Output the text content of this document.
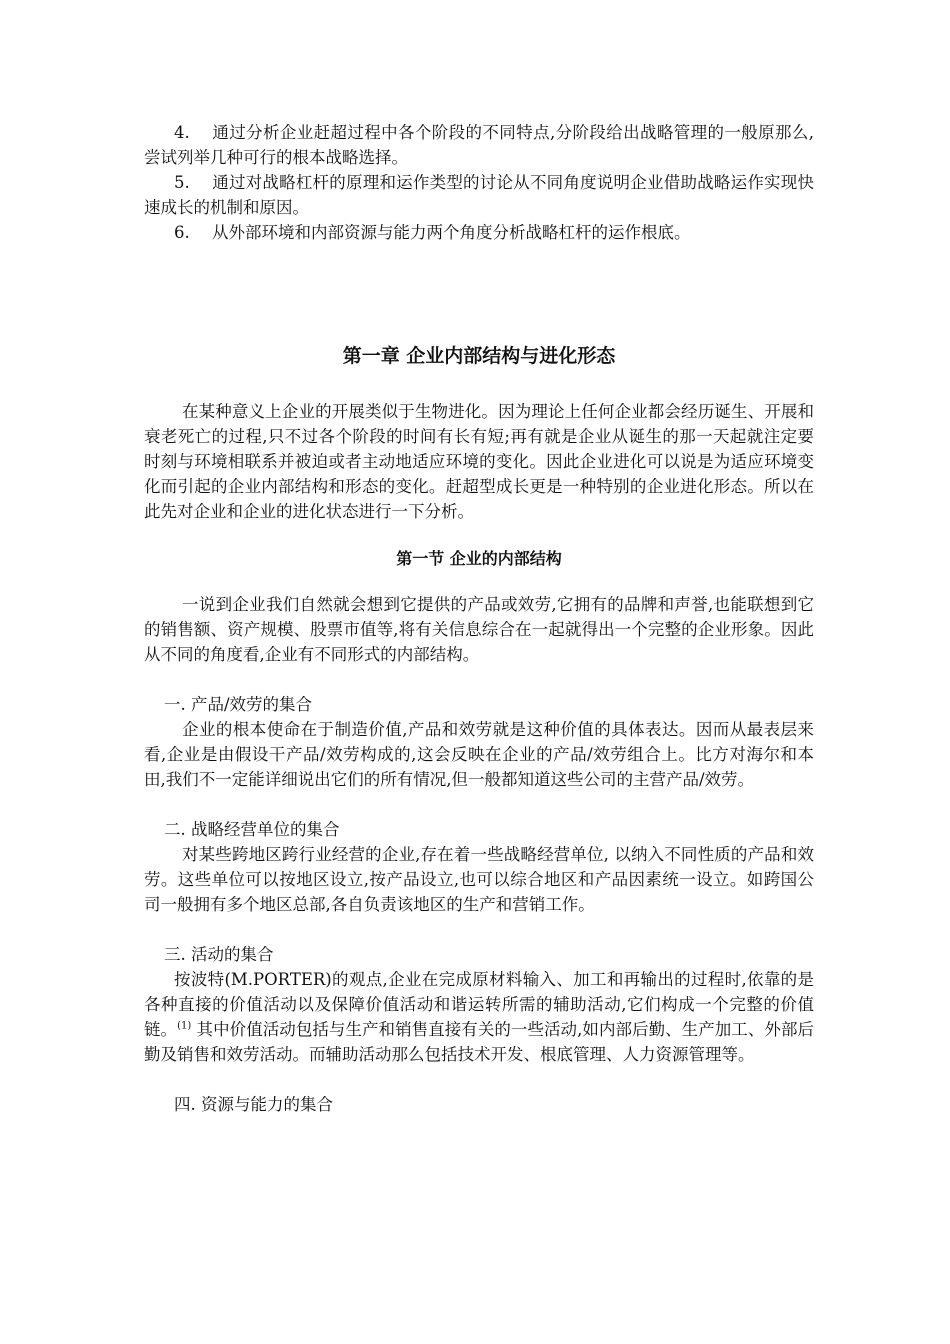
4. 通过分析企业赶超过程中各个阶段的不同特点,分阶段给出战略管理的一般原那么,尝试列举几种可行的根本战略选择。

5. 通过对战略杠杆的原理和运作类型的讨论从不同角度说明企业借助战略运作实现快速成长的机制和原因。

6. 从外部环境和内部资源与能力两个角度分析战略杠杆的运作根底。

第一章 企业内部结构与进化形态

在某种意义上企业的开展类似于生物进化。因为理论上任何企业都会经历诞生、开展和衰老死亡的过程,只不过各个阶段的时间有长有短;再有就是企业从诞生的那一天起就注定要时刻与环境相联系并被迫或者主动地适应环境的变化。因此企业进化可以说是为适应环境变化而引起的企业内部结构和形态的变化。赶超型成长更是一种特别的企业进化形态。所以在此先对企业和企业的进化状态进行一下分析。

第一节 企业的内部结构

一说到企业我们自然就会想到它提供的产品或效劳,它拥有的品牌和声誉,也能联想到它的销售额、资产规模、股票市值等,将有关信息综合在一起就得出一个完整的企业形象。因此从不同的角度看,企业有不同形式的内部结构。

一. 产品/效劳的集合

企业的根本使命在于制造价值,产品和效劳就是这种价值的具体表达。因而从最表层来看,企业是由假设干产品/效劳构成的,这会反映在企业的产品/效劳组合上。比方对海尔和本田,我们不一定能详细说出它们的所有情况,但一般都知道这些公司的主营产品/效劳。

二. 战略经营单位的集合

对某些跨地区跨行业经营的企业,存在着一些战略经营单位, 以纳入不同性质的产品和效劳。这些单位可以按地区设立,按产品设立,也可以综合地区和产品因素统一设立。如跨国公司一般拥有多个地区总部,各自负责该地区的生产和营销工作。

三. 活动的集合

按波特(M.PORTER)的观点,企业在完成原材料输入、加工和再输出的过程时,依靠的是各种直接的价值活动以及保障价值活动和谐运转所需的辅助活动,它们构成一个完整的价值链。$^{(1)}$ 其中价值活动包括与生产和销售直接有关的一些活动,如内部后勤、生产加工、外部后勤及销售和效劳活动。而辅助活动那么包括技术开发、根底管理、人力资源管理等。

四. 资源与能力的集合
